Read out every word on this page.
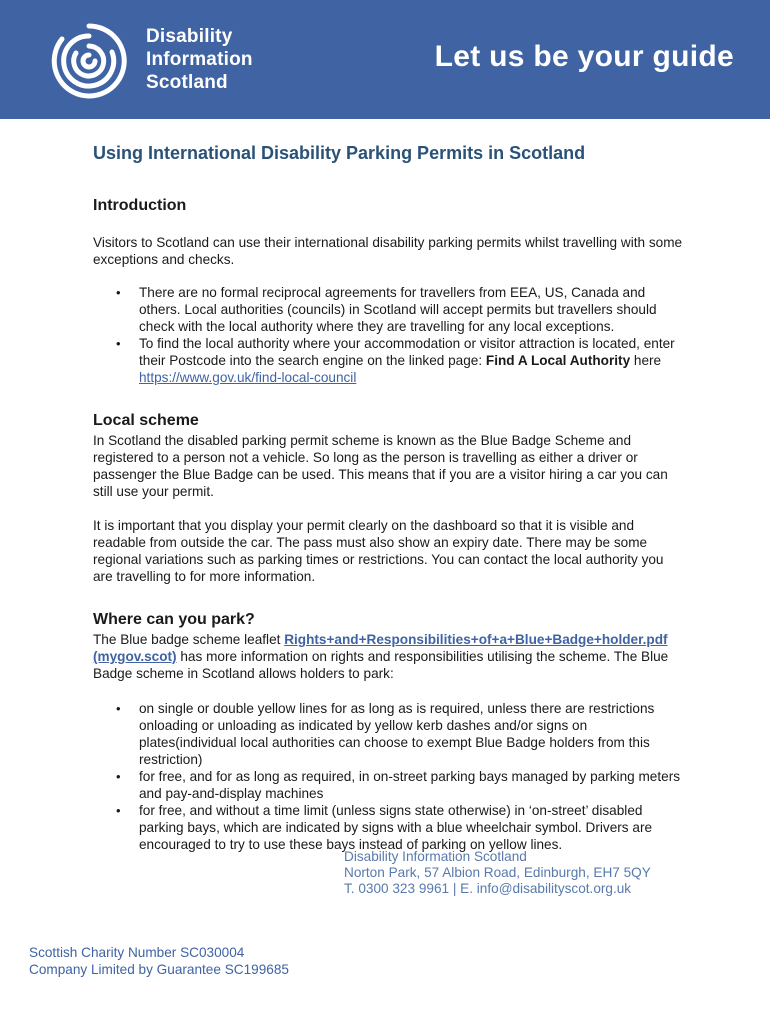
Disability
Information
Scotland
Let us be your guide
Using International Disability Parking Permits in Scotland
Introduction

Visitors to Scotland can use their international disability parking permits whilst travelling with some exceptions and checks.

• There are no formal reciprocal agreements for travellers from EEA, US, Canada and others. Local authorities (councils) in Scotland will accept permits but travellers should check with the local authority where they are travelling for any local exceptions.
• To find the local authority where your accommodation or visitor attraction is located, enter their Postcode into the search engine on the linked page: Find A Local Authority here https://www.gov.uk/find-local-council
Local scheme

In Scotland the disabled parking permit scheme is known as the Blue Badge Scheme and registered to a person not a vehicle. So long as the person is travelling as either a driver or passenger the Blue Badge can be used. This means that if you are a visitor hiring a car you can still use your permit.

It is important that you display your permit clearly on the dashboard so that it is visible and readable from outside the car. The pass must also show an expiry date. There may be some regional variations such as parking times or restrictions. You can contact the local authority you are travelling to for more information.

Where can you park?

The Blue badge scheme leaflet Rights+and+Responsibilities+of+a+Blue+Badge+holder.pdf (mygov.scot) has more information on rights and responsibilities utilising the scheme. The Blue Badge scheme in Scotland allows holders to park:

• on single or double yellow lines for as long as is required, unless there are restrictions onloading or unloading as indicated by yellow kerb dashes and/or signs on plates(individual local authorities can choose to exempt Blue Badge holders from this restriction)
• for free, and for as long as required, in on-street parking bays managed by parking meters and pay-and-display machines
• for free, and without a time limit (unless signs state otherwise) in ‘on-street’ disabled parking bays, which are indicated by signs with a blue wheelchair symbol. Drivers are encouraged to try to use these bays instead of parking on yellow lines.
Disability Information Scotland
Norton Park, 57 Albion Road, Edinburgh, EH7 5QY
T. 0300 323 9961 | E. info@disabilityscot.org.uk
Scottish Charity Number SC030004
Company Limited by Guarantee SC199685
